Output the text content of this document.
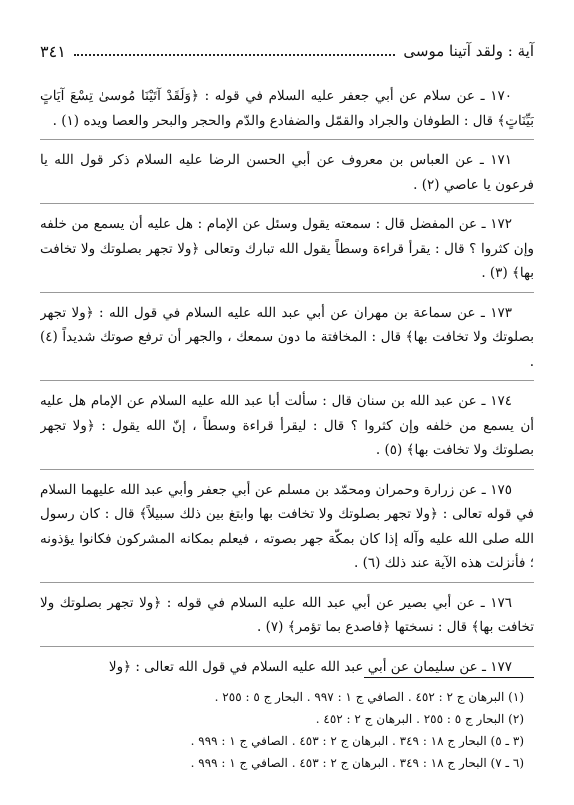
آية : ولقد آتينا موسى
٣٤١

١٧٠ ـ عن سلام عن أبي جعفر عليه السلام في قوله : ﴿وَلَقَدْ آتَيْنَا مُوسىٰ تِسْعَ آيَاتٍ بَيِّنَاتٍ﴾ قال : الطوفان والجراد والقمّل والضفادع والدّم والحجر والبحر والعصا ويده (١) .

١٧١ ـ عن العباس بن معروف عن أبي الحسن الرضا عليه السلام ذكر قول الله يا فرعون يا عاصي (٢) .

١٧٢ ـ عن المفضل قال : سمعته يقول وسئل عن الإمام : هل عليه أن يسمع من خلفه وإن كثروا ؟ قال : يقرأ قراءة وسطاً يقول الله تبارك وتعالى ﴿ولا تجهر بصلوتك ولا تخافت بها﴾ (٣) .

١٧٣ ـ عن سماعة بن مهران عن أبي عبد الله عليه السلام في قول الله : ﴿ولا تجهر بصلوتك ولا تخافت بها﴾ قال : المخافتة ما دون سمعك ، والجهر أن ترفع صوتك شديداً (٤) .

١٧٤ ـ عن عبد الله بن سنان قال : سألت أبا عبد الله عليه السلام عن الإمام هل عليه أن يسمع من خلفه وإن كثروا ؟ قال : ليقرأ قراءة وسطاً ، إنّ الله يقول : ﴿ولا تجهر بصلوتك ولا تخافت بها﴾ (٥) .

١٧٥ ـ عن زرارة وحمران ومحمّد بن مسلم عن أبي جعفر وأبي عبد الله عليهما السلام في قوله تعالى : ﴿ولا تجهر بصلوتك ولا تخافت بها وابتغ بين ذلك سبيلاً﴾ قال : كان رسول الله صلى الله عليه وآله إذا كان بمكّة جهر بصوته ، فيعلم بمكانه المشركون فكانوا يؤذونه ؛ فأنزلت هذه الآية عند ذلك (٦) .

١٧٦ ـ عن أبي بصير عن أبي عبد الله عليه السلام في قوله : ﴿ولا تجهر بصلوتك ولا تخافت بها﴾ قال : نسختها ﴿فاصدع بما تؤمر﴾ (٧) .

١٧٧ ـ عن سليمان عن أبي عبد الله عليه السلام في قول الله تعالى : ﴿ولا

(١) البرهان ج ٢ : ٤٥٢ . الصافي ج ١ : ٩٩٧ . البحار ج ٥ : ٢٥٥ .

(٢) البحار ج ٥ : ٢٥٥ . البرهان ج ٢ : ٤٥٢ .

(٣ ـ ٥) البحار ج ١٨ : ٣٤٩ . البرهان ج ٢ : ٤٥٣ . الصافي ج ١ : ٩٩٩ .

(٦ ـ ٧) البحار ج ١٨ : ٣٤٩ . البرهان ج ٢ : ٤٥٣ . الصافي ج ١ : ٩٩٩ .
